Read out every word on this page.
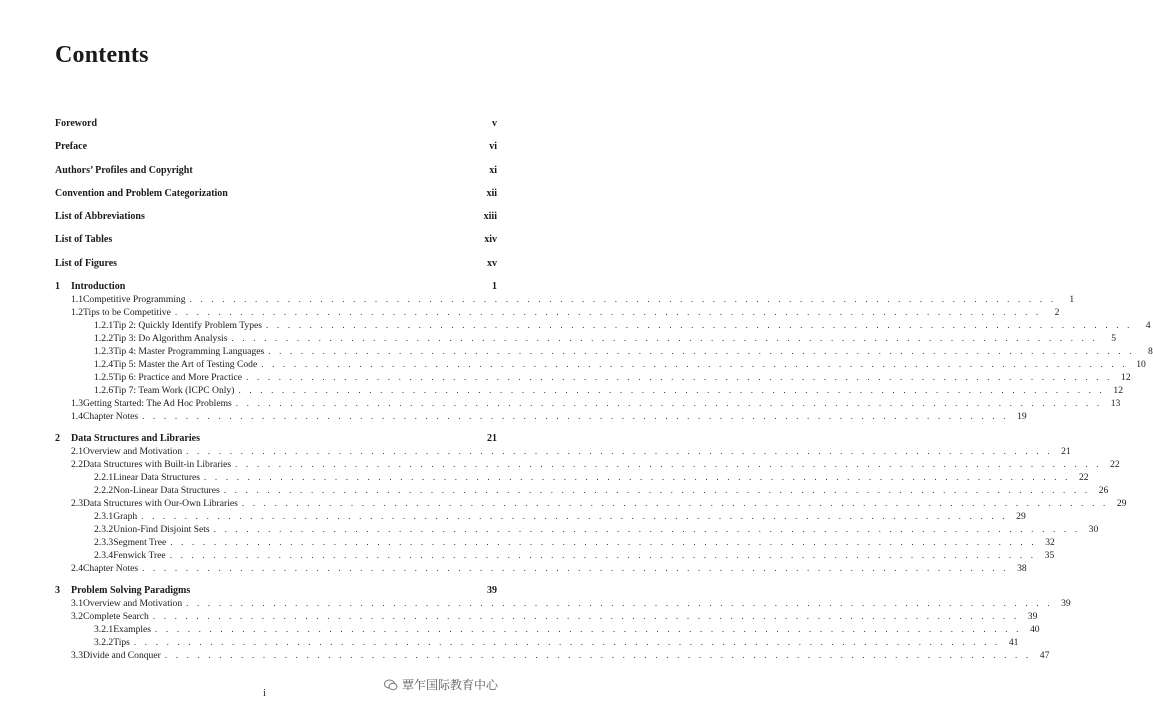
Contents
Foreword	v
Preface	vi
Authors’ Profiles and Copyright	xi
Convention and Problem Categorization	xii
List of Abbreviations	xiii
List of Tables	xiv
List of Figures	xv
1	Introduction	1
1.1 Competitive Programming . . . . . . . . . . . . . . . . . . . . . . . . . . . . . . . . . . . . . . . . . . . . . . . . . . . . . . . . . . . . . . . . . . . . . . . . . . . . . . . .	1
1.2 Tips to be Competitive . . . . . . . . . . . . . . . . . . . . . . . . . . . . . . . . . . . . . . . . . . . . . . . . . . . . . . . . . . . . . . . . . . . . . . . . . . . . . . . .	2
1.2.1 Tip 2: Quickly Identify Problem Types . . . . . . . . . . . . . . . . . . . . . . . . . . . . . . . . . . . . . . . . . . . . . . . . . . . . . . . . . . . . . . . . . . . . . . . . . . . . . . . .	4
1.2.2 Tip 3: Do Algorithm Analysis . . . . . . . . . . . . . . . . . . . . . . . . . . . . . . . . . . . . . . . . . . . . . . . . . . . . . . . . . . . . . . . . . . . . . . . . . . . . . . . .	5
1.2.3 Tip 4: Master Programming Languages . . . . . . . . . . . . . . . . . . . . . . . . . . . . . . . . . . . . . . . . . . . . . . . . . . . . . . . . . . . . . . . . . . . . . . . . . . . . . . . .	8
1.2.4 Tip 5: Master the Art of Testing Code . . . . . . . . . . . . . . . . . . . . . . . . . . . . . . . . . . . . . . . . . . . . . . . . . . . . . . . . . . . . . . . . . . . . . . . . . . . . . . . . 10
1.2.5 Tip 6: Practice and More Practice . . . . . . . . . . . . . . . . . . . . . . . . . . . . . . . . . . . . . . . . . . . . . . . . . . . . . . . . . . . . . . . . . . . . . . . . . . . . . . . . 12
1.2.6 Tip 7: Team Work (ICPC Only) . . . . . . . . . . . . . . . . . . . . . . . . . . . . . . . . . . . . . . . . . . . . . . . . . . . . . . . . . . . . . . . . . . . . . . . . . . . . . . . . 12
1.3 Getting Started: The Ad Hoc Problems . . . . . . . . . . . . . . . . . . . . . . . . . . . . . . . . . . . . . . . . . . . . . . . . . . . . . . . . . . . . . . . . . . . . . . . . . . . . . . . . 13
1.4 Chapter Notes . . . . . . . . . . . . . . . . . . . . . . . . . . . . . . . . . . . . . . . . . . . . . . . . . . . . . . . . . . . . . . . . . . . . . . . . . . . . . . . . 19
2	Data Structures and Libraries	21
2.1 Overview and Motivation . . . . . . . . . . . . . . . . . . . . . . . . . . . . . . . . . . . . . . . . . . . . . . . . . . . . . . . . . . . . . . . . . . . . . . . . . . . . . . . . 21
2.2 Data Structures with Built-in Libraries . . . . . . . . . . . . . . . . . . . . . . . . . . . . . . . . . . . . . . . . . . . . . . . . . . . . . . . . . . . . . . . . . . . . . . . . . . . . . . . . 22
2.2.1 Linear Data Structures . . . . . . . . . . . . . . . . . . . . . . . . . . . . . . . . . . . . . . . . . . . . . . . . . . . . . . . . . . . . . . . . . . . . . . . . . . . . . . . . 22
2.2.2 Non-Linear Data Structures . . . . . . . . . . . . . . . . . . . . . . . . . . . . . . . . . . . . . . . . . . . . . . . . . . . . . . . . . . . . . . . . . . . . . . . . . . . . . . . . 26
2.3 Data Structures with Our-Own Libraries . . . . . . . . . . . . . . . . . . . . . . . . . . . . . . . . . . . . . . . . . . . . . . . . . . . . . . . . . . . . . . . . . . . . . . . . . . . . . . . . 29
2.3.1 Graph . . . . . . . . . . . . . . . . . . . . . . . . . . . . . . . . . . . . . . . . . . . . . . . . . . . . . . . . . . . . . . . . . . . . . . . . . . . . . . . . 29
2.3.2 Union-Find Disjoint Sets . . . . . . . . . . . . . . . . . . . . . . . . . . . . . . . . . . . . . . . . . . . . . . . . . . . . . . . . . . . . . . . . . . . . . . . . . . . . . . . . 30
2.3.3 Segment Tree . . . . . . . . . . . . . . . . . . . . . . . . . . . . . . . . . . . . . . . . . . . . . . . . . . . . . . . . . . . . . . . . . . . . . . . . . . . . . . . . 32
2.3.4 Fenwick Tree . . . . . . . . . . . . . . . . . . . . . . . . . . . . . . . . . . . . . . . . . . . . . . . . . . . . . . . . . . . . . . . . . . . . . . . . . . . . . . . . 35
2.4 Chapter Notes . . . . . . . . . . . . . . . . . . . . . . . . . . . . . . . . . . . . . . . . . . . . . . . . . . . . . . . . . . . . . . . . . . . . . . . . . . . . . . . . 38
3	Problem Solving Paradigms	39
3.1 Overview and Motivation . . . . . . . . . . . . . . . . . . . . . . . . . . . . . . . . . . . . . . . . . . . . . . . . . . . . . . . . . . . . . . . . . . . . . . . . . . . . . . . . 39
3.2 Complete Search . . . . . . . . . . . . . . . . . . . . . . . . . . . . . . . . . . . . . . . . . . . . . . . . . . . . . . . . . . . . . . . . . . . . . . . . . . . . . . . . 39
3.2.1 Examples . . . . . . . . . . . . . . . . . . . . . . . . . . . . . . . . . . . . . . . . . . . . . . . . . . . . . . . . . . . . . . . . . . . . . . . . . . . . . . . . 40
3.2.2 Tips . . . . . . . . . . . . . . . . . . . . . . . . . . . . . . . . . . . . . . . . . . . . . . . . . . . . . . . . . . . . . . . . . . . . . . . . . . . . . . . . 41
3.3 Divide and Conquer . . . . . . . . . . . . . . . . . . . . . . . . . . . . . . . . . . . . . . . . . . . . . . . . . . . . . . . . . . . . . . . . . . . . . . . . . . . . . . . . 47
i
覃乍国际教育中心
